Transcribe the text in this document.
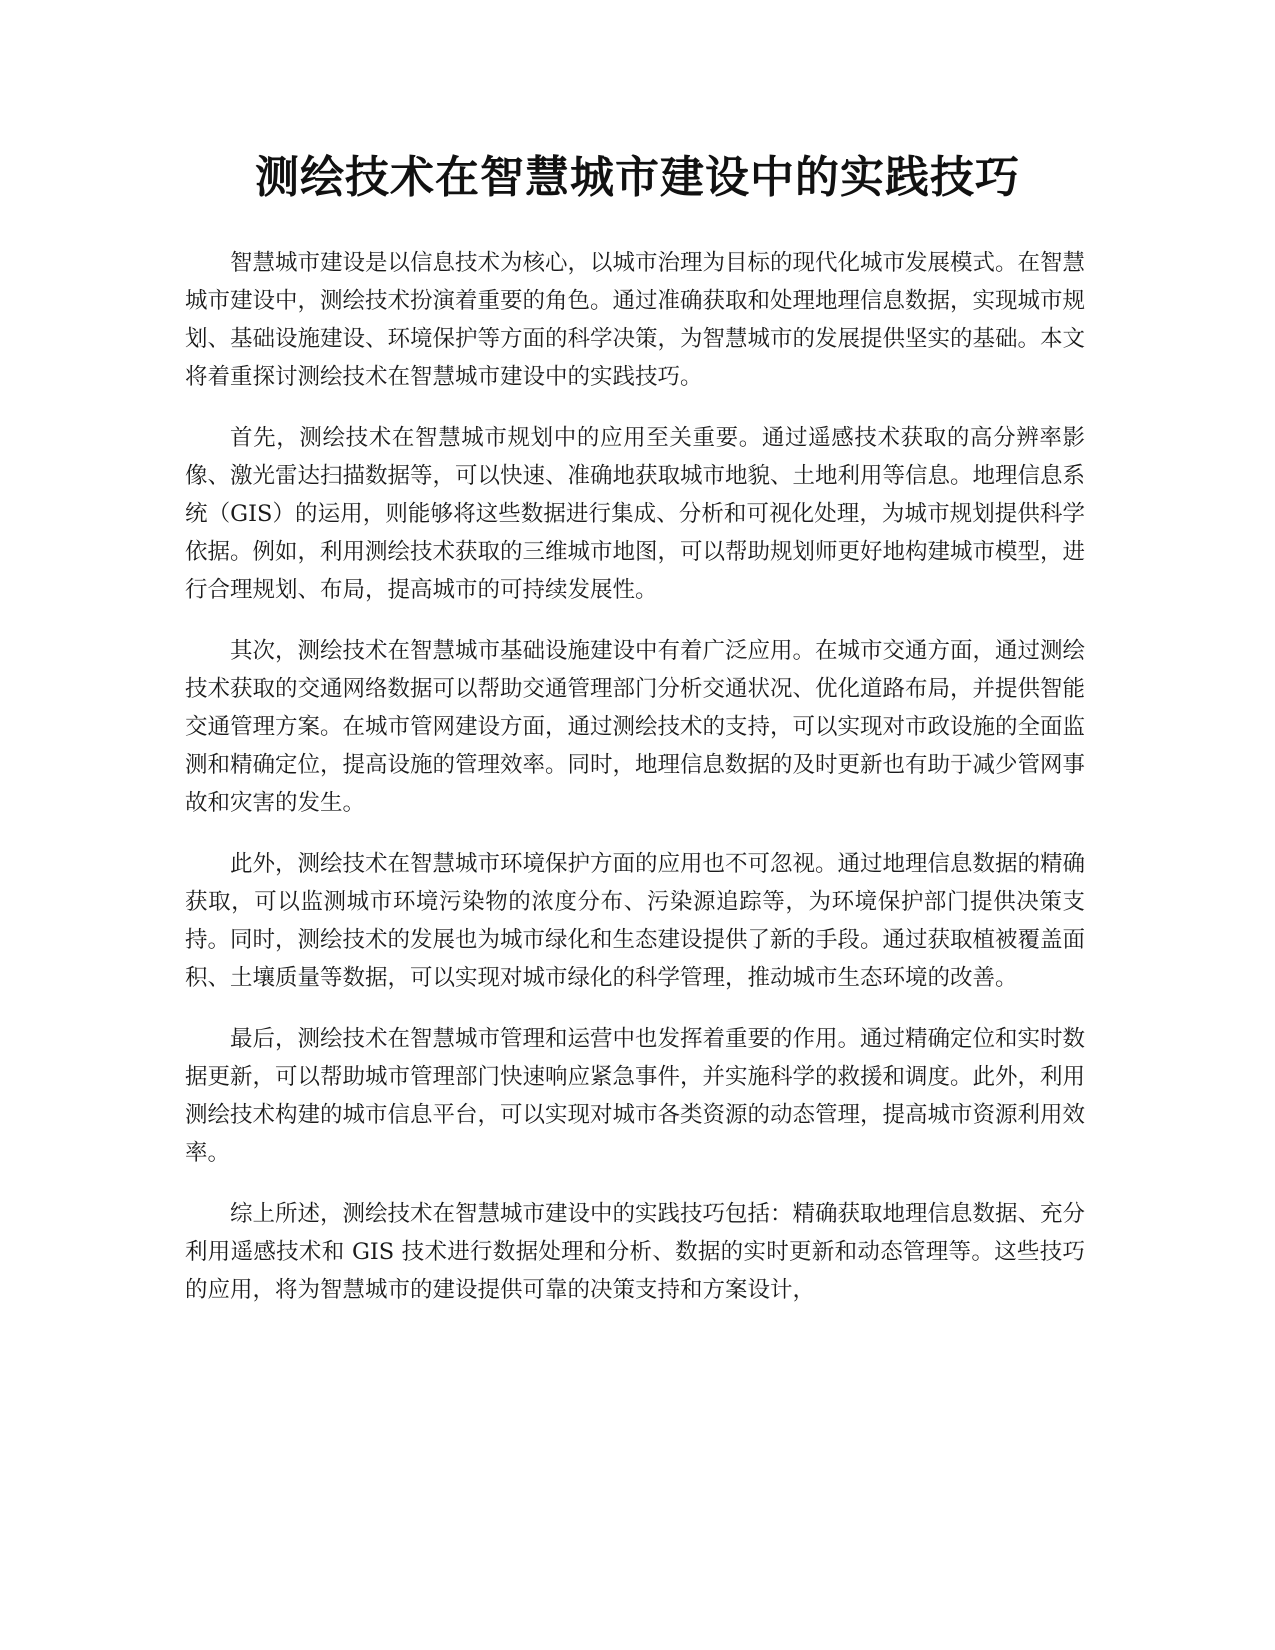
测绘技术在智慧城市建设中的实践技巧

智慧城市建设是以信息技术为核心，以城市治理为目标的现代化城市发展模式。在智慧城市建设中，测绘技术扮演着重要的角色。通过准确获取和处理地理信息数据，实现城市规划、基础设施建设、环境保护等方面的科学决策，为智慧城市的发展提供坚实的基础。本文将着重探讨测绘技术在智慧城市建设中的实践技巧。

首先，测绘技术在智慧城市规划中的应用至关重要。通过遥感技术获取的高分辨率影像、激光雷达扫描数据等，可以快速、准确地获取城市地貌、土地利用等信息。地理信息系统（GIS）的运用，则能够将这些数据进行集成、分析和可视化处理，为城市规划提供科学依据。例如，利用测绘技术获取的三维城市地图，可以帮助规划师更好地构建城市模型，进行合理规划、布局，提高城市的可持续发展性。

其次，测绘技术在智慧城市基础设施建设中有着广泛应用。在城市交通方面，通过测绘技术获取的交通网络数据可以帮助交通管理部门分析交通状况、优化道路布局，并提供智能交通管理方案。在城市管网建设方面，通过测绘技术的支持，可以实现对市政设施的全面监测和精确定位，提高设施的管理效率。同时，地理信息数据的及时更新也有助于减少管网事故和灾害的发生。

此外，测绘技术在智慧城市环境保护方面的应用也不可忽视。通过地理信息数据的精确获取，可以监测城市环境污染物的浓度分布、污染源追踪等，为环境保护部门提供决策支持。同时，测绘技术的发展也为城市绿化和生态建设提供了新的手段。通过获取植被覆盖面积、土壤质量等数据，可以实现对城市绿化的科学管理，推动城市生态环境的改善。

最后，测绘技术在智慧城市管理和运营中也发挥着重要的作用。通过精确定位和实时数据更新，可以帮助城市管理部门快速响应紧急事件，并实施科学的救援和调度。此外，利用测绘技术构建的城市信息平台，可以实现对城市各类资源的动态管理，提高城市资源利用效率。

综上所述，测绘技术在智慧城市建设中的实践技巧包括：精确获取地理信息数据、充分利用遥感技术和 GIS 技术进行数据处理和分析、数据的实时更新和动态管理等。这些技巧的应用，将为智慧城市的建设提供可靠的决策支持和方案设计，
